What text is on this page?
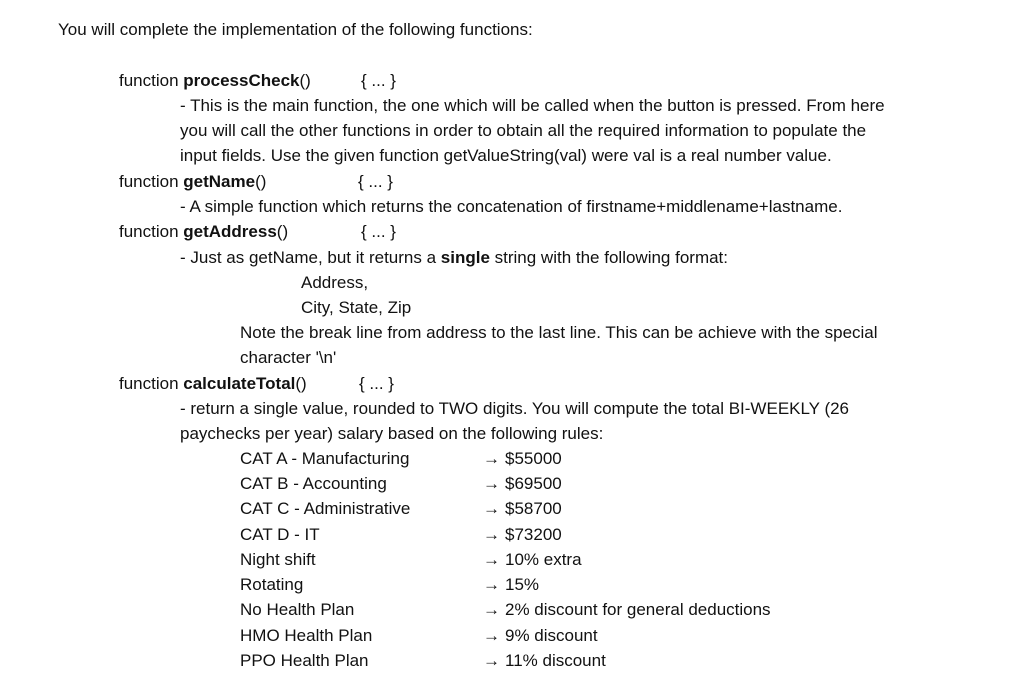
You will complete the implementation of the following functions:
function processCheck()	{ ... }
- This is the main function, the one which will be called when the button is pressed. From here
you will call the other functions in order to obtain all the required information to populate the
input fields. Use the given function getValueString(val) were val is a real number value.
function getName()	{ ... }
- A simple function which returns the concatenation of firstname+middlename+lastname.
function getAddress()	{ ... }
- Just as getName, but it returns a single string with the following format:
Address,
City, State, Zip
Note the break line from address to the last line. This can be achieve with the special
character '\n'
function calculateTotal()	{ ... }
- return a single value, rounded to TWO digits. You will compute the total BI-WEEKLY (26
paychecks per year) salary based on the following rules:
CAT A - Manufacturing	→ $55000
CAT B - Accounting	→ $69500
CAT C - Administrative	→ $58700
CAT D - IT	→ $73200
Night shift	→ 10% extra
Rotating	→ 15%
No Health Plan	→ 2% discount for general deductions
HMO Health Plan	→ 9% discount
PPO Health Plan	→ 11% discount
